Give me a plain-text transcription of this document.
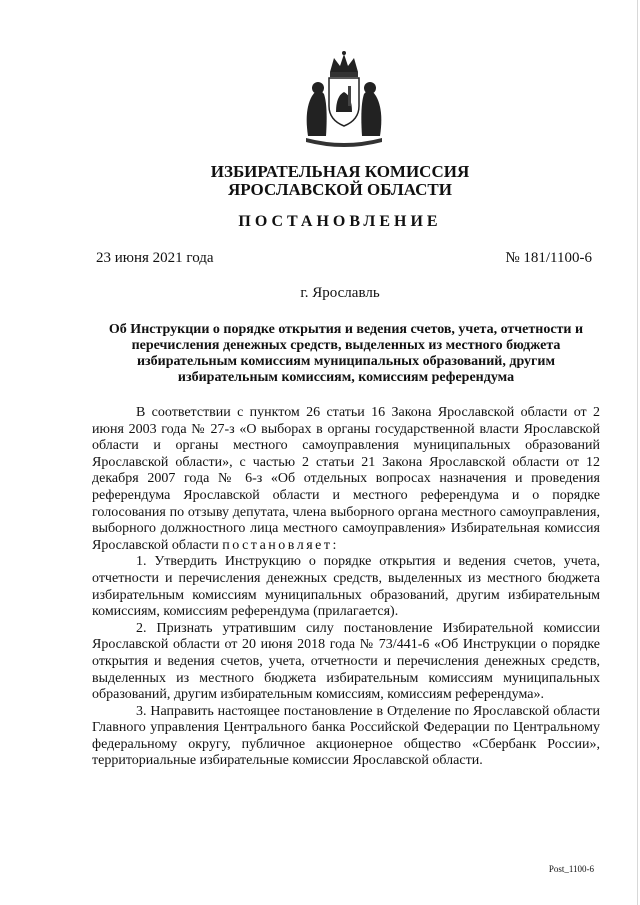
ИЗБИРАТЕЛЬНАЯ КОМИССИЯ
ЯРОСЛАВСКОЙ ОБЛАСТИ
ПОСТАНОВЛЕНИЕ
23 июня 2021 года	№ 181/1100-6
г. Ярославль
Об Инструкции о порядке открытия и ведения счетов, учета, отчетности и перечисления денежных средств, выделенных из местного бюджета избирательным комиссиям муниципальных образований, другим избирательным комиссиям, комиссиям референдума

В соответствии с пунктом 26 статьи 16 Закона Ярославской области от 2 июня 2003 года № 27-з «О выборах в органы государственной власти Ярославской области и органы местного самоуправления муниципальных образований Ярославской области», с частью 2 статьи 21 Закона Ярославской области от 12 декабря 2007 года № 6-з «Об отдельных вопросах назначения и проведения референдума Ярославской области и местного референдума и о порядке голосования по отзыву депутата, члена выборного органа местного самоуправления, выборного должностного лица местного самоуправления» Избирательная комиссия Ярославской области постановляет:

1. Утвердить Инструкцию о порядке открытия и ведения счетов, учета, отчетности и перечисления денежных средств, выделенных из местного бюджета избирательным комиссиям муниципальных образований, другим избирательным комиссиям, комиссиям референдума (прилагается).

2. Признать утратившим силу постановление Избирательной комиссии Ярославской области от 20 июня 2018 года № 73/441-6 «Об Инструкции о порядке открытия и ведения счетов, учета, отчетности и перечисления денежных средств, выделенных из местного бюджета избирательным комиссиям муниципальных образований, другим избирательным комиссиям, комиссиям референдума».

3. Направить настоящее постановление в Отделение по Ярославской области Главного управления Центрального банка Российской Федерации по Центральному федеральному округу, публичное акционерное общество «Сбербанк России», территориальные избирательные комиссии Ярославской области.

Post_1100-6
